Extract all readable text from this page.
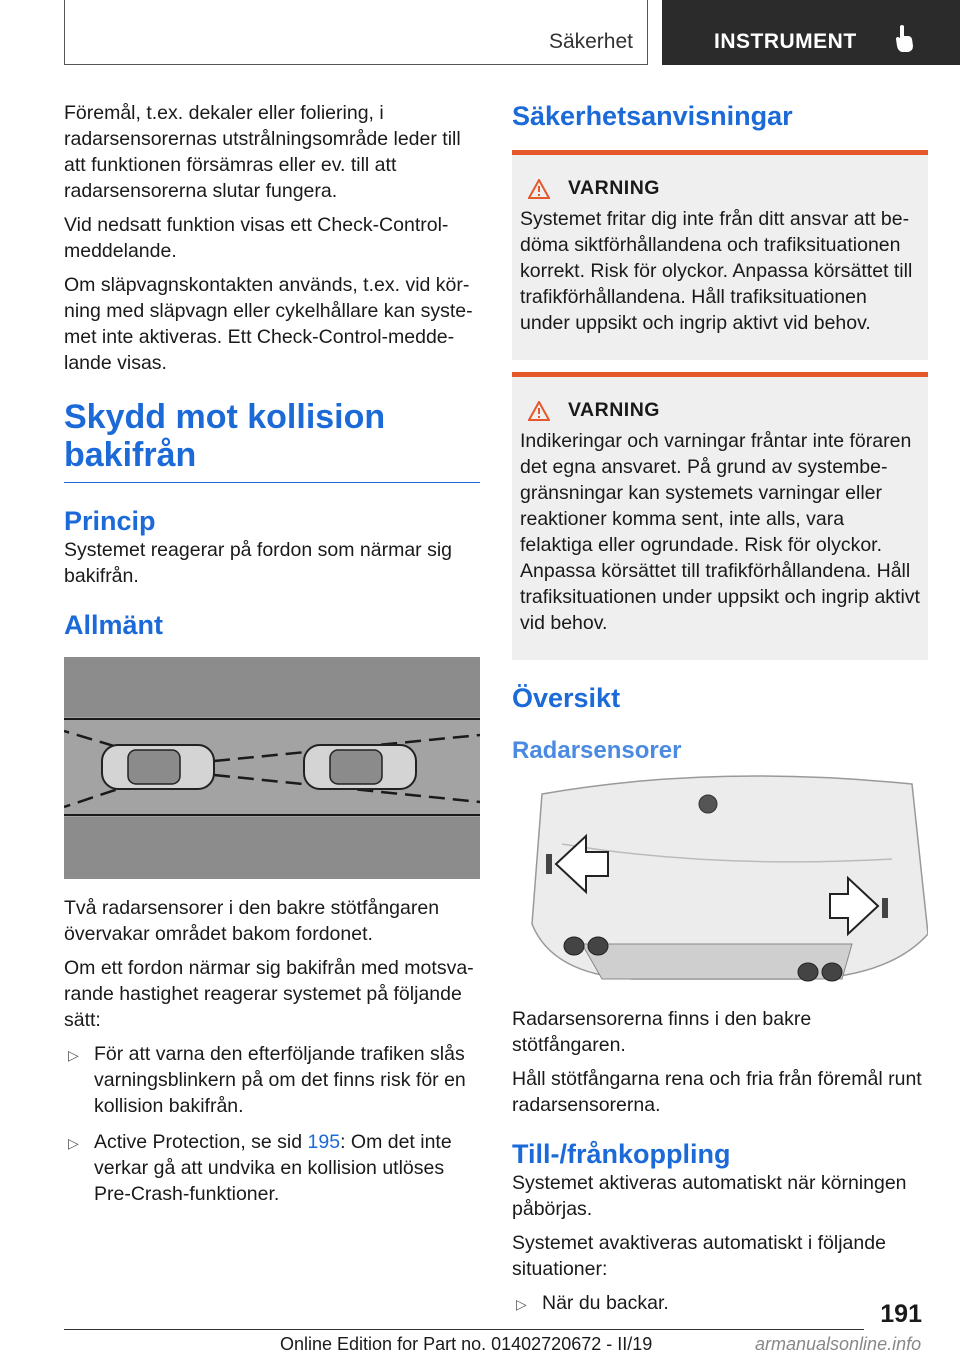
Säkerhet	INSTRUMENT

Föremål, t.ex. dekaler eller foliering, i radarsensorernas utstrålningsområde leder till att funktionen försämras eller ev. till att radarsensorerna slutar fungera.

Vid nedsatt funktion visas ett Check-Control-meddelande.

Om släpvagnskontakten används, t.ex. vid körning med släpvagn eller cykelhållare kan systemet inte aktiveras. Ett Check-Control-meddelande visas.

Skydd mot kollision bakifrån
Princip

Systemet reagerar på fordon som närmar sig bakifrån.

Allmänt

Två radarsensorer i den bakre stötfångaren övervakar området bakom fordonet.

Om ett fordon närmar sig bakifrån med motsvarande hastighet reagerar systemet på följande sätt:

▷ För att varna den efterföljande trafiken slås varningsblinkern på om det finns risk för en kollision bakifrån.
▷ Active Protection, se sid 195: Om det inte verkar gå att undvika en kollision utlöses Pre-Crash-funktioner.
Säkerhetsanvisningar
VARNING

Systemet fritar dig inte från ditt ansvar att bedöma siktförhållandena och trafiksituationen korrekt. Risk för olyckor. Anpassa körsättet till trafikförhållandena. Håll trafiksituationen under uppsikt och ingrip aktivt vid behov.

VARNING

Indikeringar och varningar fråntar inte föraren det egna ansvaret. På grund av systembegränsningar kan systemets varningar eller reaktioner komma sent, inte alls, vara felaktiga eller ogrundade. Risk för olyckor. Anpassa körsättet till trafikförhållandena. Håll trafiksituationen under uppsikt och ingrip aktivt vid behov.

Översikt
Radarsensorer

Radarsensorerna finns i den bakre stötfångaren.

Håll stötfångarna rena och fria från föremål runt radarsensorerna.

Till-/frånkoppling

Systemet aktiveras automatiskt när körningen påbörjas.

Systemet avaktiveras automatiskt i följande situationer:

▷ När du backar.	191
Online Edition for Part no. 01402720672 - II/19	armanualsonline.info
